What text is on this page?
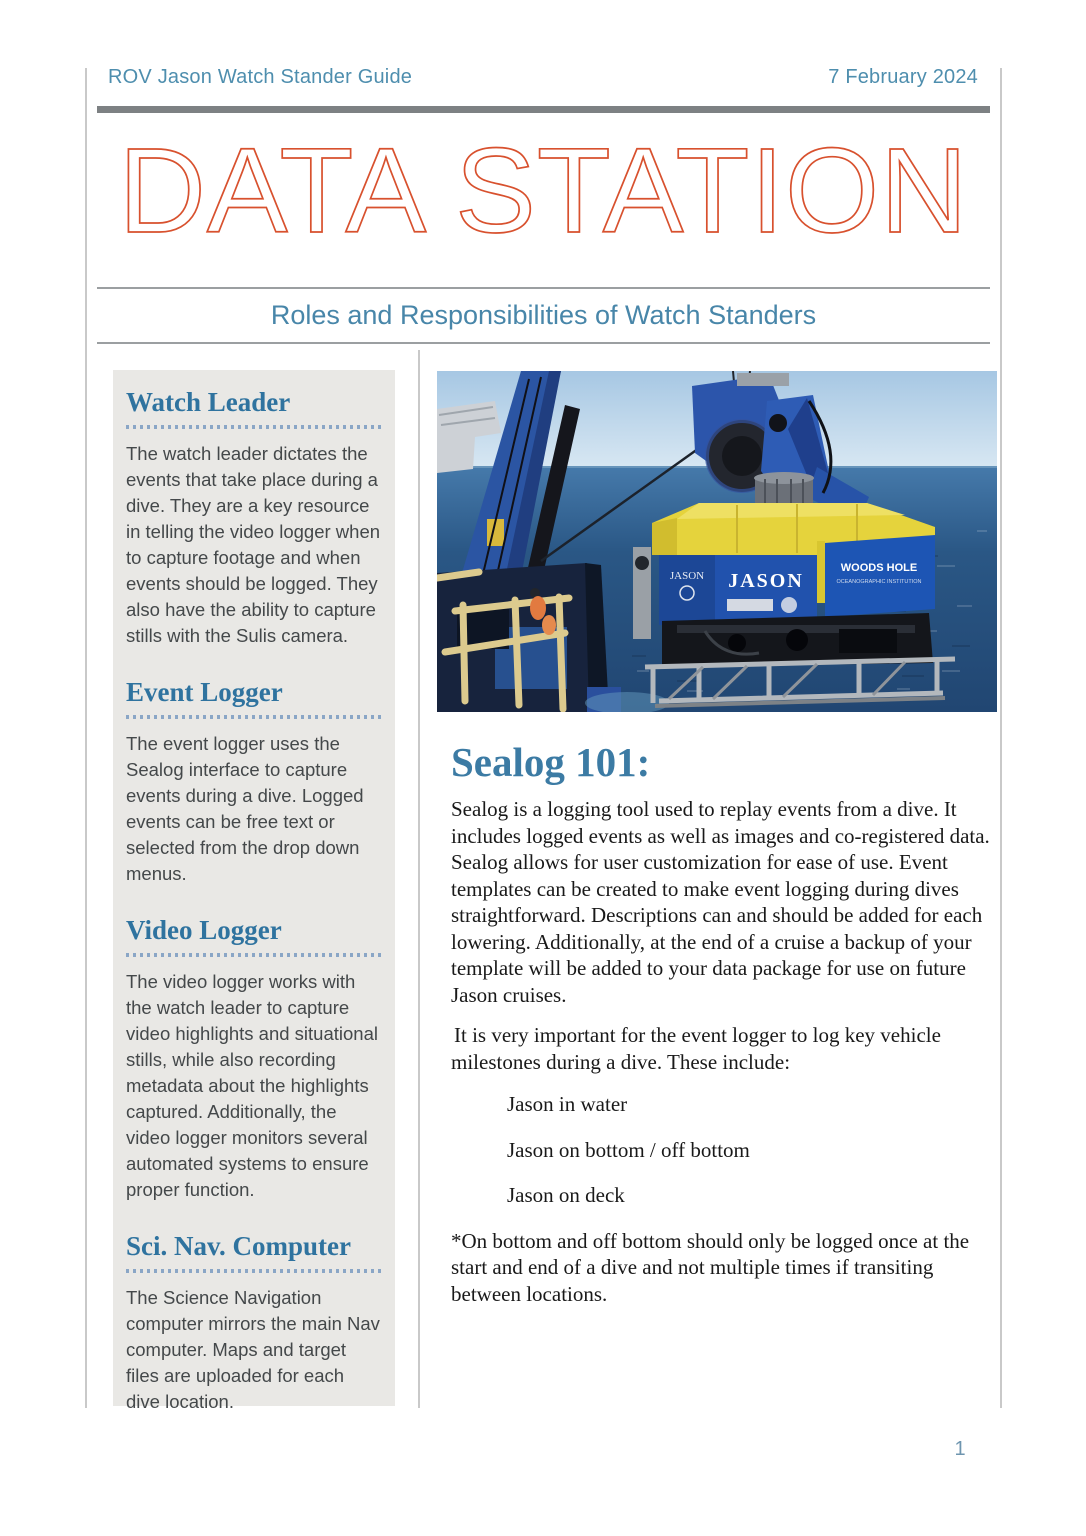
ROV Jason Watch Stander Guide	7 February 2024
DATA STATION
Roles and Responsibilities of Watch Standers
Watch Leader

The watch leader dictates the events that take place during a dive. They are a key resource in telling the video logger when to capture footage and when events should be logged. They also have the ability to capture stills with the Sulis camera.

Event Logger

The event logger uses the Sealog interface to capture events during a dive. Logged events can be free text or selected from the drop down menus.

Video Logger

The video logger works with the watch leader to capture video highlights and situational stills, while also recording metadata about the highlights captured. Additionally, the video logger monitors several automated systems to ensure proper function.

Sci. Nav. Computer

The Science Navigation computer mirrors the main Nav computer. Maps and target files are uploaded for each dive location.

JASON JASON
WOODS HOLE
OCEANOGRAPHIC INSTITUTION
Sealog 101:

Sealog is a logging tool used to replay events from a dive. It includes logged events as well as images and co-registered data. Sealog allows for user customization for ease of use. Event templates can be created to make event logging during dives straightforward. Descriptions can and should be added for each lowering. Additionally, at the end of a cruise a backup of your template will be added to your data package for use on future Jason cruises.

It is very important for the event logger to log key vehicle milestones during a dive. These include:

Jason in water
Jason on bottom / off bottom
Jason on deck

*On bottom and off bottom should only be logged once at the start and end of a dive and not multiple times if transiting between locations.

1
